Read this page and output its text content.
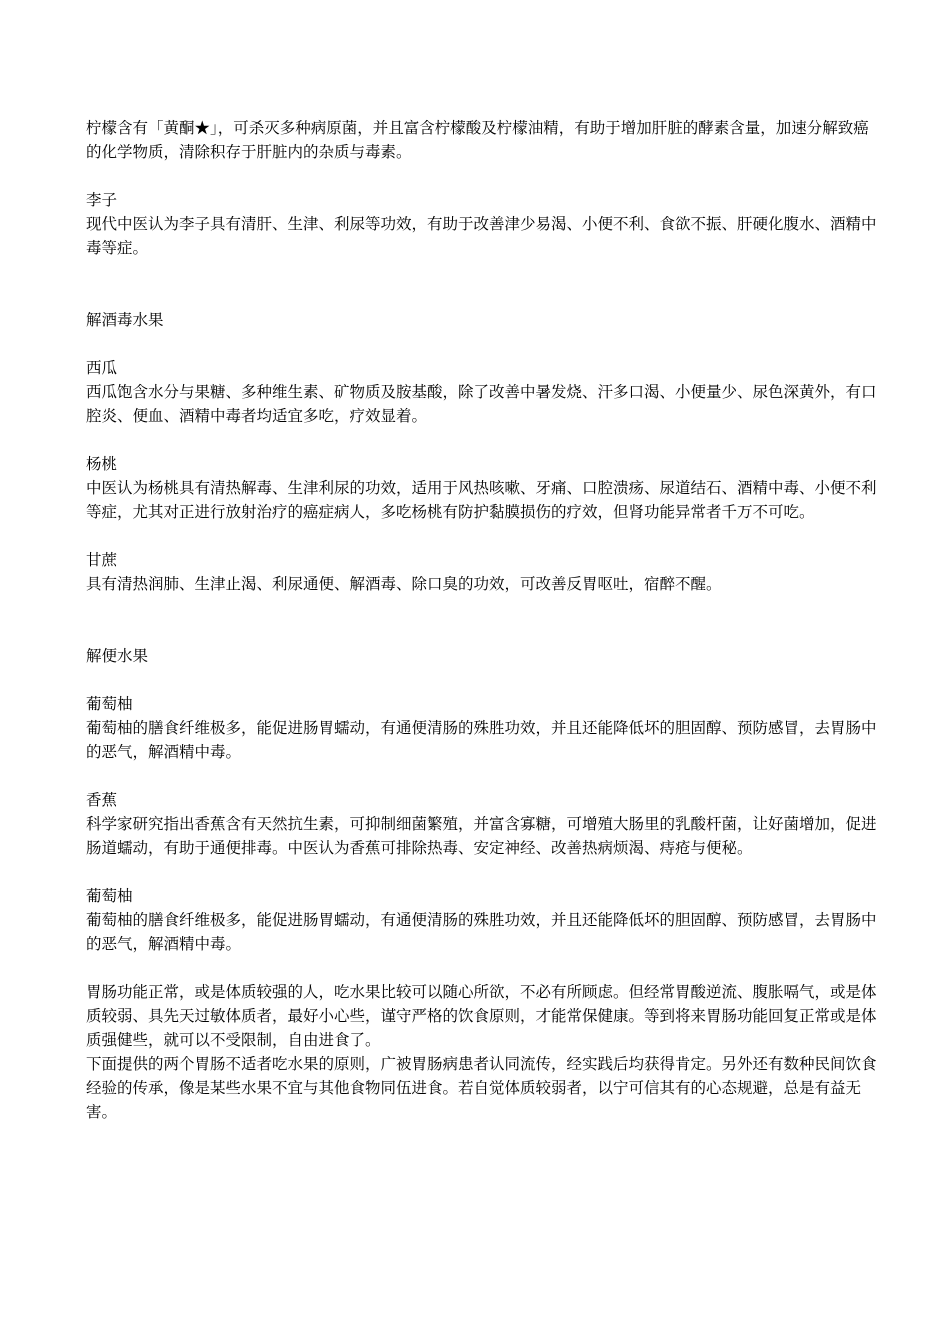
柠檬含有「黄酮★」，可杀灭多种病原菌，并且富含柠檬酸及柠檬油精，有助于增加肝脏的酵素含量，加速分解致癌的化学物质，清除积存于肝脏内的杂质与毒素。

李子

现代中医认为李子具有清肝、生津、利尿等功效，有助于改善津少易渴、小便不利、食欲不振、肝硬化腹水、酒精中毒等症。

解酒毒水果

西瓜

西瓜饱含水分与果糖、多种维生素、矿物质及胺基酸，除了改善中暑发烧、汗多口渴、小便量少、尿色深黄外，有口腔炎、便血、酒精中毒者均适宜多吃，疗效显着。

杨桃

中医认为杨桃具有清热解毒、生津利尿的功效，适用于风热咳嗽、牙痛、口腔溃疡、尿道结石、酒精中毒、小便不利等症，尤其对正进行放射治疗的癌症病人，多吃杨桃有防护黏膜损伤的疗效，但肾功能异常者千万不可吃。

甘蔗

具有清热润肺、生津止渴、利尿通便、解酒毒、除口臭的功效，可改善反胃呕吐，宿醉不醒。

解便水果

葡萄柚

葡萄柚的膳食纤维极多，能促进肠胃蠕动，有通便清肠的殊胜功效，并且还能降低坏的胆固醇、预防感冒，去胃肠中的恶气，解酒精中毒。

香蕉

科学家研究指出香蕉含有天然抗生素，可抑制细菌繁殖，并富含寡糖，可增殖大肠里的乳酸杆菌，让好菌增加，促进肠道蠕动，有助于通便排毒。中医认为香蕉可排除热毒、安定神经、改善热病烦渴、痔疮与便秘。

葡萄柚

葡萄柚的膳食纤维极多，能促进肠胃蠕动，有通便清肠的殊胜功效，并且还能降低坏的胆固醇、预防感冒，去胃肠中的恶气，解酒精中毒。

胃肠功能正常，或是体质较强的人，吃水果比较可以随心所欲，不必有所顾虑。但经常胃酸逆流、腹胀嗝气，或是体质较弱、具先天过敏体质者，最好小心些，谨守严格的饮食原则，才能常保健康。等到将来胃肠功能回复正常或是体质强健些，就可以不受限制，自由进食了。

下面提供的两个胃肠不适者吃水果的原则，广被胃肠病患者认同流传，经实践后均获得肯定。另外还有数种民间饮食经验的传承，像是某些水果不宜与其他食物同伍进食。若自觉体质较弱者，以宁可信其有的心态规避，总是有益无害。
